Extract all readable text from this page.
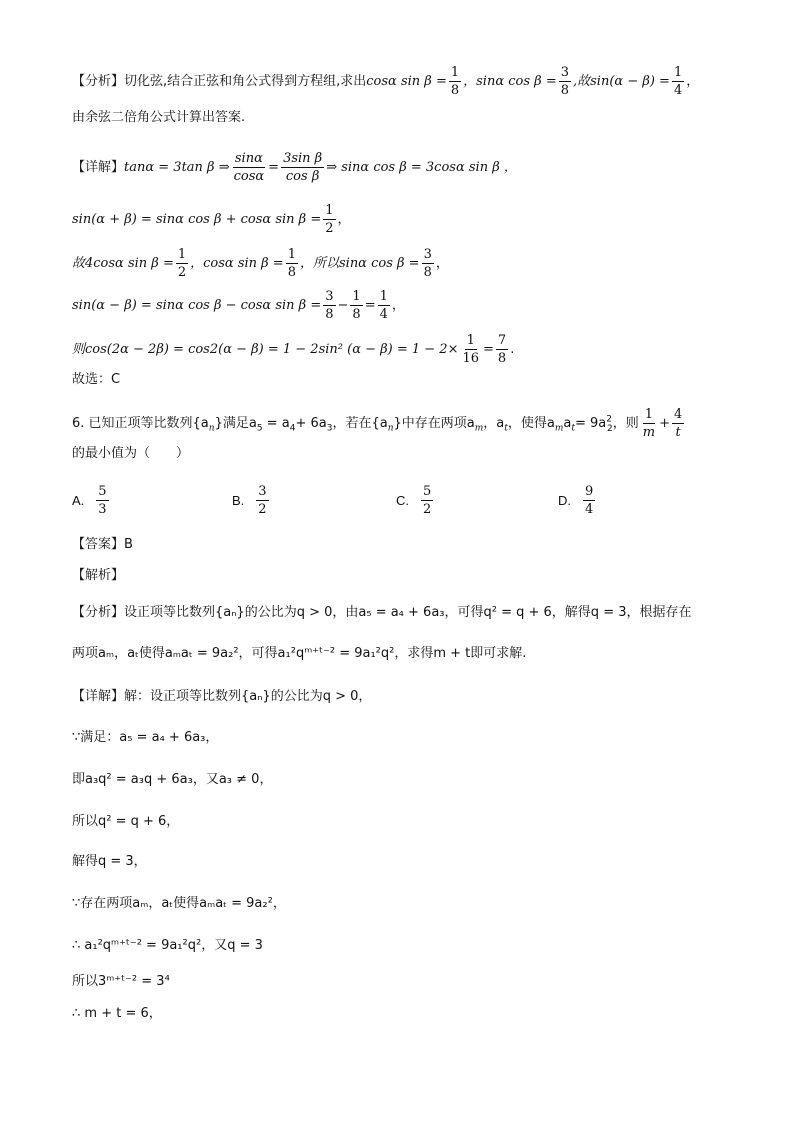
【分析】切化弦,结合正弦和角公式得到方程组,求出cosα $\sin \beta = \frac{1}{8}$ ，sinα $\cos \beta = \frac{3}{8}$ ,故$\sin(\alpha - \beta) = \frac{1}{4}$ ，
由余弦二倍角公式计算出答案.
【详解】tanα = 3tan β ⇒ $\frac{\sin\alpha}{\cos\alpha} = \frac{\text{3sin β}}{\text{cos β}}$ ⇒ sinα cos β = 3cosα sin β ，
sin(α + β) = sinα cos β + cosα $\sin \beta = \frac{1}{2}$ ，
故4cosα $\sin \beta = \frac{1}{2}$ ，cosα $\sin \beta = \frac{1}{8}$ ，所以sinα $\cos \beta = \frac{3}{8}$ ，
sin(α − β) = sinα cos β − cosα $\sin \beta = \frac{3}{8} - \frac{1}{8} = \frac{1}{4}$ ，
则cos(2α − 2β) = cos2(α − β) = 1 − 2sin² $(\alpha - \beta) = 1 - 2\times \frac{1}{16} = \frac{7}{8}$ .
故选：C
6. 已知正项等比数列$\{a_n\}$满足$a_5 = a_4+ 6a_3$，若在$\{a_n\}$中存在两项$a_m$，$a_t$，使得$a_ma_t= 9a^2_2$，则 $\frac{1}{m} + \frac{4}{t}$
的最小值为（　　）
A. $\frac{5}{3}$	B. $\frac{3}{2}$	C. $\frac{5}{2}$	D. $\frac{9}{4}$
【答案】B
【解析】
【分析】设正项等比数列{aₙ}的公比为q > 0，由a₅ = a₄ + 6a₃，可得q² = q + 6，解得q = 3，根据存在
两项aₘ，aₜ使得aₘaₜ = 9a₂²，可得a₁²qᵐ⁺ᵗ⁻² = 9a₁²q²，求得m + t即可求解.
【详解】解：设正项等比数列{aₙ}的公比为q > 0，
∵满足：a₅ = a₄ + 6a₃，
即a₃q² = a₃q + 6a₃，又a₃ ≠ 0，
所以q² = q + 6，
解得q = 3，
∵存在两项aₘ，aₜ使得aₘaₜ = 9a₂²，
∴ a₁²qᵐ⁺ᵗ⁻² = 9a₁²q²，又q = 3
所以3ᵐ⁺ᵗ⁻² = 3⁴
∴ m + t = 6，
